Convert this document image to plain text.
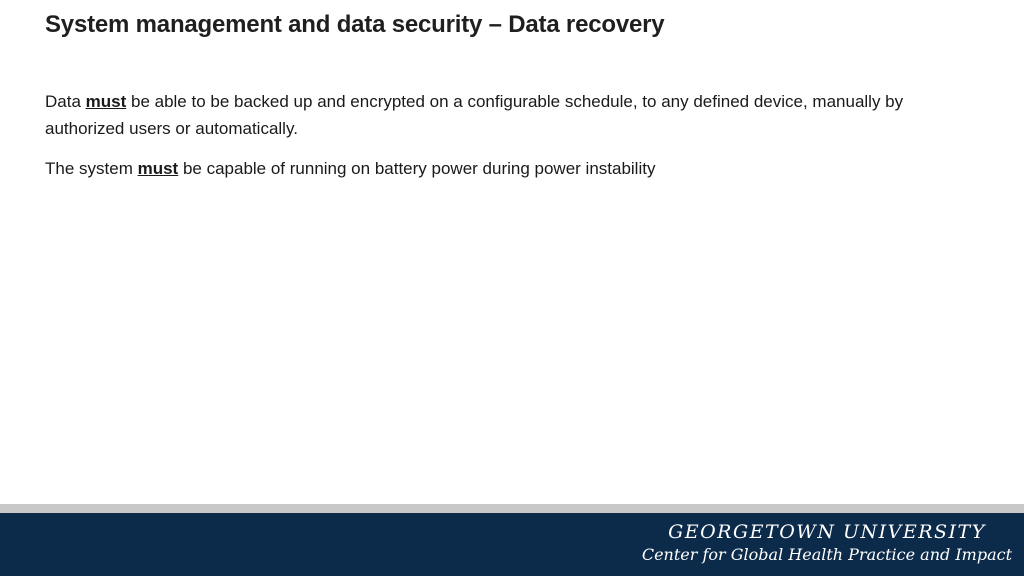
System management and data security – Data recovery

Data must be able to be backed up and encrypted on a configurable schedule, to any defined device, manually by authorized users or automatically.

The system must be capable of running on battery power during power instability

GEORGETOWN UNIVERSITY
Center for Global Health Practice and Impact
